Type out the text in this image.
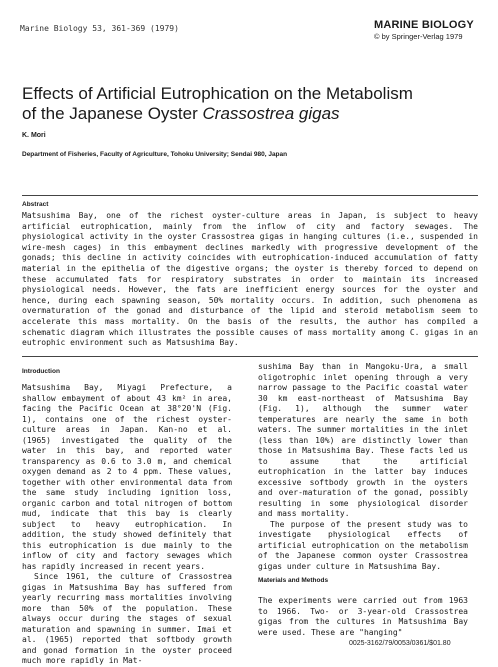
Marine Biology 53, 361-369 (1979)	MARINE BIOLOGY
© by Springer-Verlag 1979
Effects of Artificial Eutrophication on the Metabolism
of the Japanese Oyster Crassostrea gigas
K. Mori
Department of Fisheries, Faculty of Agriculture, Tohoku University; Sendai 980, Japan
Abstract

Matsushima Bay, one of the richest oyster-culture areas in Japan, is subject to heavy artificial eutrophication, mainly from the inflow of city and factory sewages. The physiological activity in the oyster Crassostrea gigas in hanging cultures (i.e., suspended in wire-mesh cages) in this embayment declines markedly with progressive development of the gonads; this decline in activity coincides with eutrophication-induced accumulation of fatty material in the epithelia of the digestive organs; the oyster is thereby forced to depend on these accumulated fats for respiratory substrates in order to maintain its increased physiological needs. However, the fats are inefficient energy sources for the oyster and hence, during each spawning season, 50% mortality occurs. In addition, such phenomena as overmaturation of the gonad and disturbance of the lipid and steroid metabolism seem to accelerate this mass mortality. On the basis of the results, the author has compiled a schematic diagram which illustrates the possible causes of mass mortality among C. gigas in an eutrophic environment such as Matsushima Bay.

Introduction

Matsushima Bay, Miyagi Prefecture, a shallow embayment of about 43 km² in area, facing the Pacific Ocean at 38°20'N (Fig. 1), contains one of the richest oyster-culture areas in Japan. Kan-no et al. (1965) investigated the quality of the water in this bay, and reported water transparency as 0.6 to 3.0 m, and chemical oxygen demand as 2 to 4 ppm. These values, together with other environmental data from the same study including ignition loss, organic carbon and total nitrogen of bottom mud, indicate that this bay is clearly subject to heavy eutrophication. In addition, the study showed definitely that this eutrophication is due mainly to the inflow of city and factory sewages which has rapidly increased in recent years.

Since 1961, the culture of Crassostrea gigas in Matsushima Bay has suffered from yearly recurring mass mortalities involving more than 50% of the population. These always occur during the stages of sexual maturation and spawning in summer. Imai et al. (1965) reported that softbody growth and gonad formation in the oyster proceed much more rapidly in Mat-

sushima Bay than in Mangoku-Ura, a small oligotrophic inlet opening through a very narrow passage to the Pacific coastal water 30 km east-northeast of Matsushima Bay (Fig. 1), although the summer water temperatures are nearly the same in both waters. The summer mortalities in the inlet (less than 10%) are distinctly lower than those in Matsushima Bay. These facts led us to assume that the artificial eutrophication in the latter bay induces excessive softbody growth in the oysters and over-maturation of the gonad, possibly resulting in some physiological disorder and mass mortality.

The purpose of the present study was to investigate physiological effects of artificial eutrophication on the metabolism of the Japanese common oyster Crassostrea gigas under culture in Matsushima Bay.

Materials and Methods

The experiments were carried out from 1963 to 1966. Two- or 3-year-old Crassostrea gigas from the cultures in Matsushima Bay were used. These are "hanging"

0025-3162/79/0053/0361/$01.80
